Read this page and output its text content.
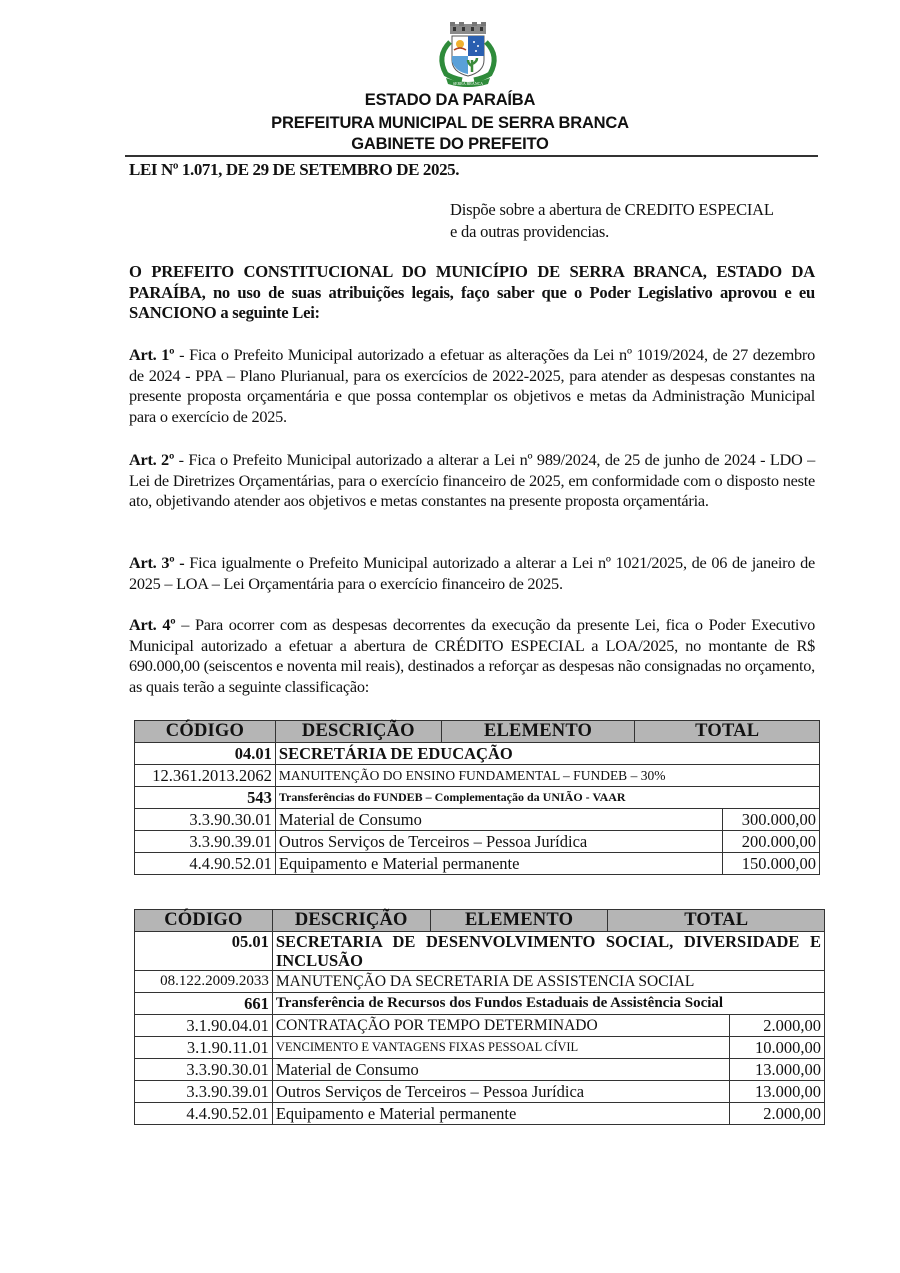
SERRA BRANCA
ESTADO DA PARAÍBA
PREFEITURA MUNICIPAL DE SERRA BRANCA
GABINETE DO PREFEITO
LEI Nº 1.071, DE 29 DE SETEMBRO DE 2025.
Dispõe sobre a abertura de CREDITO ESPECIAL
e da outras providencias.
O PREFEITO CONSTITUCIONAL DO MUNICÍPIO DE SERRA BRANCA, ESTADO DA PARAÍBA, no uso de suas atribuições legais, faço saber que o Poder Legislativo aprovou e eu SANCIONO a seguinte Lei:
Art. 1º - Fica o Prefeito Municipal autorizado a efetuar as alterações da Lei nº 1019/2024, de 27 dezembro de 2024 - PPA – Plano Plurianual, para os exercícios de 2022-2025, para atender as despesas constantes na presente proposta orçamentária e que possa contemplar os objetivos e metas da Administração Municipal para o exercício de 2025.
Art. 2º - Fica o Prefeito Municipal autorizado a alterar a Lei nº 989/2024, de 25 de junho de 2024 - LDO – Lei de Diretrizes Orçamentárias, para o exercício financeiro de 2025, em conformidade com o disposto neste ato, objetivando atender aos objetivos e metas constantes na presente proposta orçamentária.
Art. 3º - Fica igualmente o Prefeito Municipal autorizado a alterar a Lei nº 1021/2025, de 06 de janeiro de 2025 – LOA – Lei Orçamentária para o exercício financeiro de 2025.
Art. 4º – Para ocorrer com as despesas decorrentes da execução da presente Lei, fica o Poder Executivo Municipal autorizado a efetuar a abertura de CRÉDITO ESPECIAL a LOA/2025, no montante de R$ 690.000,00 (seiscentos e noventa mil reais), destinados a reforçar as despesas não consignadas no orçamento, as quais terão a seguinte classificação:
CÓDIGO	DESCRIÇÃO	ELEMENTO	TOTAL	
04.01	SECRETÁRIA DE EDUCAÇÃO			
12.361.2013.2062	MANUITENÇÃO DO ENSINO FUNDAMENTAL – FUNDEB – 30%			
543	Transferências do FUNDEB – Complementação da UNIÃO - VAAR			
3.3.90.30.01	Material de Consumo			300.000,00
3.3.90.39.01	Outros Serviços de Terceiros – Pessoa Jurídica			200.000,00
4.4.90.52.01	Equipamento e Material permanente			150.000,00
CÓDIGO	DESCRIÇÃO	ELEMENTO	TOTAL	
05.01	SECRETARIA DE DESENVOLVIMENTO SOCIAL, DIVERSIDADE E
INCLUSÃO			

08.122.2009.2033	MANUTENÇÃO DA SECRETARIA DE ASSISTENCIA SOCIAL			
661	Transferência de Recursos dos Fundos Estaduais de Assistência Social			
3.1.90.04.01	CONTRATAÇÃO POR TEMPO DETERMINADO			2.000,00
3.1.90.11.01	VENCIMENTO E VANTAGENS FIXAS PESSOAL CÍVIL			10.000,00
3.3.90.30.01	Material de Consumo			13.000,00
3.3.90.39.01	Outros Serviços de Terceiros – Pessoa Jurídica			13.000,00
4.4.90.52.01	Equipamento e Material permanente			2.000,00
